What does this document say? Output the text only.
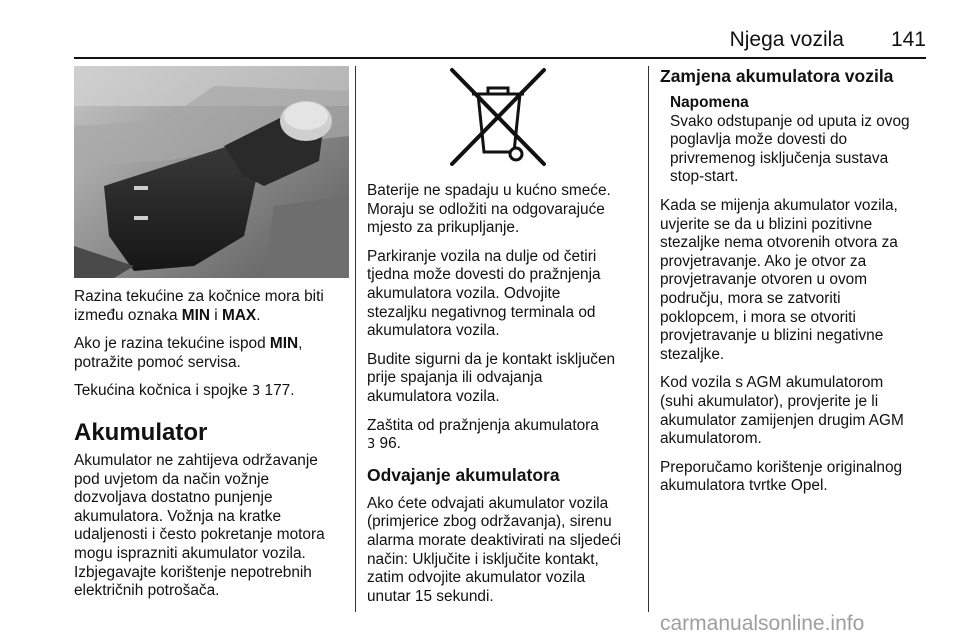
Njega vozila 141

Razina tekućine za kočnice mora biti između oznaka MIN i MAX.

Ako je razina tekućine ispod MIN,
potražite pomoć servisa.

Tekućina kočnica i spojke 3 177.

Akumulator

Akumulator ne zahtijeva održavanje
pod uvjetom da način vožnje
dozvoljava dostatno punjenje
akumulatora. Vožnja na kratke
udaljenosti i često pokretanje motora
mogu isprazniti akumulator vozila.
Izbjegavajte korištenje nepotrebnih
električnih potrošača.

Baterije ne spadaju u kućno smeće.
Moraju se odložiti na odgovarajuće
mjesto za prikupljanje.

Parkiranje vozila na dulje od četiri
tjedna može dovesti do pražnjenja
akumulatora vozila. Odvojite
stezaljku negativnog terminala od
akumulatora vozila.

Budite sigurni da je kontakt isključen
prije spajanja ili odvajanja
akumulatora vozila.

Zaštita od pražnjenja akumulatora
3 96.

Odvajanje akumulatora

Ako ćete odvajati akumulator vozila
(primjerice zbog održavanja), sirenu
alarma morate deaktivirati na sljedeći
način: Uključite i isključite kontakt,
zatim odvojite akumulator vozila
unutar 15 sekundi.

Zamjena akumulatora vozila
Napomena
Svako odstupanje od uputa iz ovog
poglavlja može dovesti do
privremenog isključenja sustava
stop-start.

Kada se mijenja akumulator vozila,
uvjerite se da u blizini pozitivne
stezaljke nema otvorenih otvora za
provjetravanje. Ako je otvor za
provjetravanje otvoren u ovom
području, mora se zatvoriti
poklopcem, i mora se otvoriti
provjetravanje u blizini negativne
stezaljke.

Kod vozila s AGM akumulatorom
(suhi akumulator), provjerite je li
akumulator zamijenjen drugim AGM
akumulatorom.

Preporučamo korištenje originalnog
akumulatora tvrtke Opel.

carmanualsonline.info
